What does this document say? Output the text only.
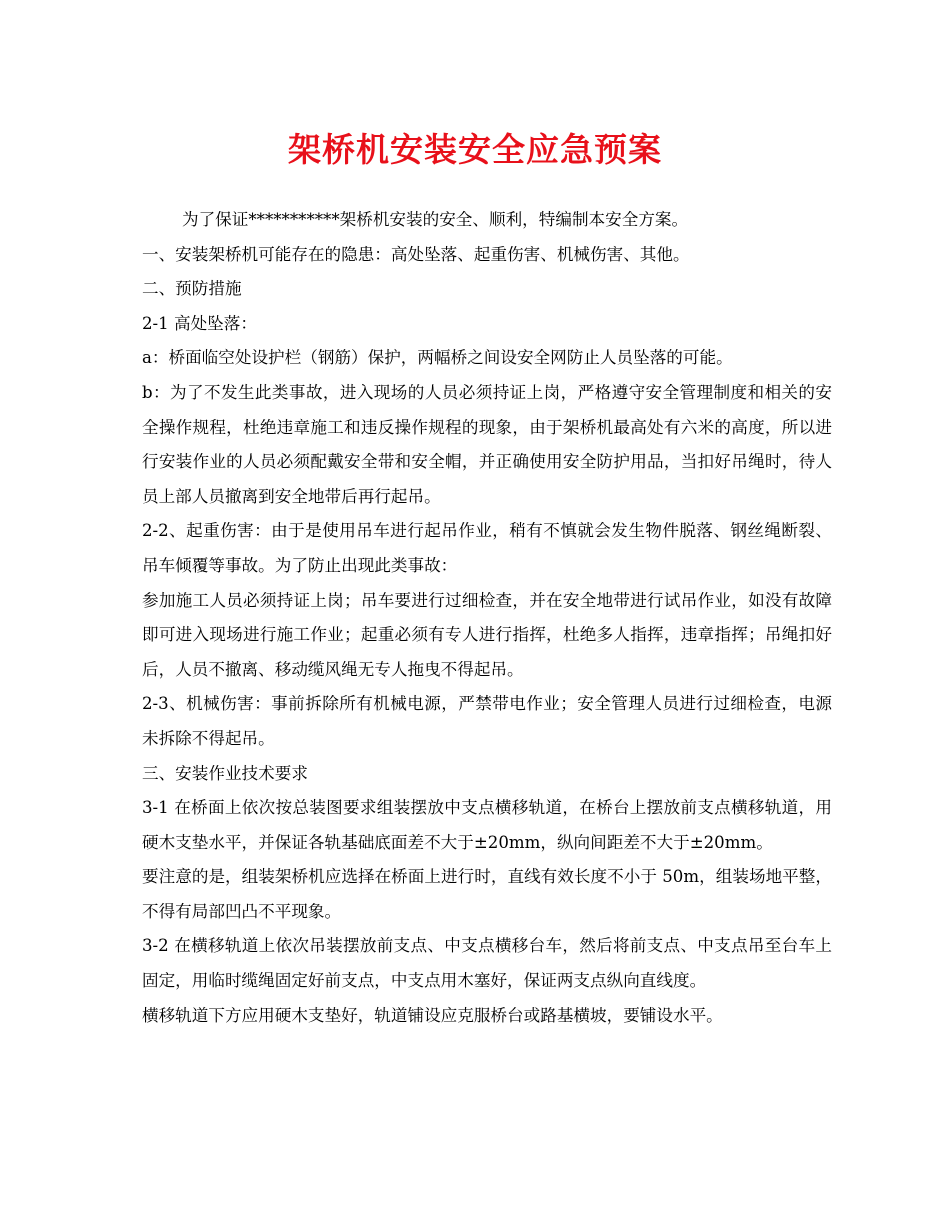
架桥机安装安全应急预案

为了保证***********架桥机安装的安全、顺利，特编制本安全方案。

一、安装架桥机可能存在的隐患：高处坠落、起重伤害、机械伤害、其他。

二、预防措施

2-1 高处坠落：

a：桥面临空处设护栏（钢筋）保护，两幅桥之间设安全网防止人员坠落的可能。

b：为了不发生此类事故，进入现场的人员必须持证上岗，严格遵守安全管理制度和相关的安全操作规程，杜绝违章施工和违反操作规程的现象，由于架桥机最高处有六米的高度，所以进行安装作业的人员必须配戴安全带和安全帽，并正确使用安全防护用品，当扣好吊绳时，待人员上部人员撤离到安全地带后再行起吊。

2-2、起重伤害：由于是使用吊车进行起吊作业，稍有不慎就会发生物件脱落、钢丝绳断裂、吊车倾覆等事故。为了防止出现此类事故：

参加施工人员必须持证上岗；吊车要进行过细检查，并在安全地带进行试吊作业，如没有故障即可进入现场进行施工作业；起重必须有专人进行指挥，杜绝多人指挥，违章指挥；吊绳扣好后，人员不撤离、移动缆风绳无专人拖曳不得起吊。

2-3、机械伤害：事前拆除所有机械电源，严禁带电作业；安全管理人员进行过细检查，电源未拆除不得起吊。

三、安装作业技术要求

3-1 在桥面上依次按总装图要求组装摆放中支点横移轨道，在桥台上摆放前支点横移轨道，用硬木支垫水平，并保证各轨基础底面差不大于±20mm，纵向间距差不大于±20mm。

要注意的是，组装架桥机应选择在桥面上进行时，直线有效长度不小于 50m，组装场地平整，不得有局部凹凸不平现象。

3-2 在横移轨道上依次吊装摆放前支点、中支点横移台车，然后将前支点、中支点吊至台车上固定，用临时缆绳固定好前支点，中支点用木塞好，保证两支点纵向直线度。

横移轨道下方应用硬木支垫好，轨道铺设应克服桥台或路基横坡，要铺设水平。
